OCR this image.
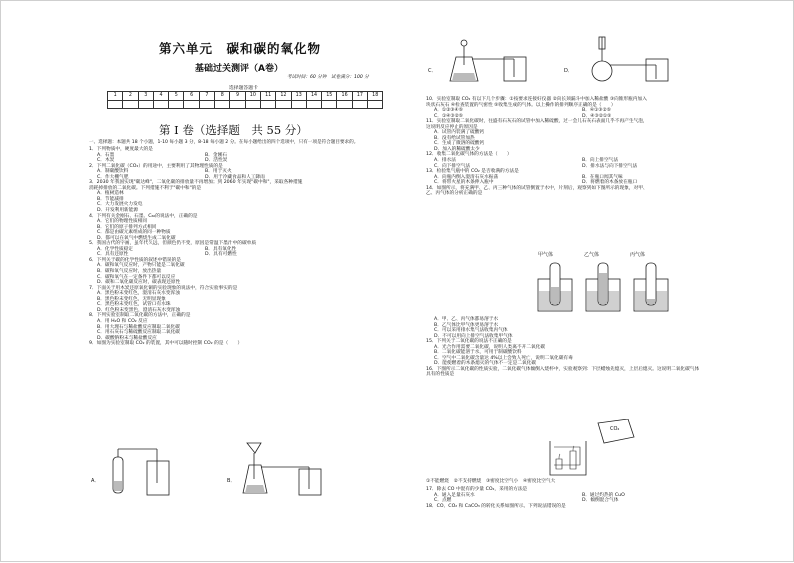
第六单元　碳和碳的氧化物
基础过关测评（A卷）
考试时间：60 分钟　试卷满分：100 分
选择题答题卡
1	2	3	4	5	6	7	8	9	10	11	12	13	14	15	16	17	18

第 I 卷（选择题　共 55 分）
一、选择题：本题共 18 个小题，1-10 每小题 3 分，8-18 每小题 2 分。在每小题给出的四个选项中，只有一项是符合题目要求的。

1．下列物质中，硬度最大的是

A．石墨	B．金刚石
C．木炭	D．活性炭

2．下列二氧化碳（CO₂）的用途中，主要利用了其物理性质的是

A．制碳酸饮料	B．用于灭火
C．作大棚气肥	D．用于冷藏食品和人工降雨

3．2030 年我国实现"碳达峰"，二氧化碳的排放量不再增加；到 2060 年实现"碳中和"，采取各种措施

消耗掉排放的二氧化碳。下列措施不利于"碳中和"的是

A．植树造林

B．节能减排

C．大力发展火力发电

D．开发利用新能源

4．下列有关金刚石、石墨、C₆₀的说法中，正确的是

A．它们的物理性质相同

B．它们的原子排列方式相同

C．都是由碳元素组成的同一种物质

D．都可以在氧气中燃烧生成二氧化碳

5．我国古代的字画，虽年代久远，但颜色仍不变，原因是常温下墨汁中的碳单质

A．化学性质稳定	B．具有氧化性
C．具有还原性	D．具有可燃性

6．下列关于碳的化学性质的叙述中错误的是

A．碳和氧气反应时，产物只能是二氧化碳

B．碳和氧气反应时，放出热量

C．碳和氧气在一定条件下都可以反应

D．碳和二氧化碳反应时，碳表现还原性

7．下面关于用木炭还原氧化铜的实验现象的说法中，符合实验事实的是

A．黑色粉末变红色，澄清石灰水变浑浊

B．黑色粉末变红色，无明显现象

C．黑色粉末变红色，试管口有水珠

D．红色粉末变黑色，澄清石灰水变浑浊

8．下列实验室制取二氧化碳的方法中，正确的是

A．用 H₂O 和 CO₂ 反应

B．用大理石与稀盐酸反应制取二氧化碳

C．用石灰石与稀硫酸反应制取二氧化碳

D．碳酸钠粉末与稀盐酸反应

9．如图为实验室制取 CO₂ 的装置，其中可以随时控制 CO₂ 的是（　　）

A．	B．
C．	D．

10．实验室制取 CO₂ 有以下几个步骤：①按要求连接好仪器 ②向长颈漏斗中加入稀盐酸 ③向锥形瓶内加入

块状石灰石 ④检查装置的气密性 ⑤收集生成的气体。以上操作的排列顺序正确的是（　　）

A．①②③④⑤	B．④①③②⑤
C．①④③②⑤	D．④③②①⑤

11．实验室制取二氧化碳时，往盛有石灰石的试管中加入稀硫酸，过一会儿石灰石表面几乎不再产生气泡，

这说明反应停止的原因是

A．试管内装满了硫酸钙

B．没有给试管加热

C．生成了微溶的硫酸钙

D．加入的稀硫酸太少

12．收集二氧化碳气体的方法是（　　）

A．排水法	B．向上排空气法
C．向下排空气法	D．排水法与向下排空气法

13．检验集气瓶中的 CO₂ 是否收满的方法是

A．向瓶内倒入澄清石灰水振荡	B．在瓶口闻其气味
C．将带火星的木条伸入瓶中	D．将燃着的木条放在瓶口

14．如图所示，将充满甲、乙、丙三种气体的试管倒置于水中，片刻后，观察到如下图所示的现象，对甲、

乙、丙气体的分析正确的是

甲气体	乙气体	丙气体

A．甲、乙、丙气体都易溶于水

B．乙气体比甲气体更易溶于水

C．可以采用排水集气法收集丙气体

D．不可以用向上排空气法收集甲气体

15．下列关于二氧化碳的说法不正确的是

A．光合作用需要二氧化碳，说明人类离不开二氧化碳

B．二氧化碳能溶于水，可用于制碳酸饮料

C．空气中二氧化碳含量达 4%以上会致人死亡，说明二氧化碳有毒

D．能使燃着的木条熄灭的气体不一定是二氧化碳

16．下图所示二氧化碳的性质实验，二氧化碳气体倾倒入烧杯中，实验观察到：下层蜡烛先熄灭，上层后熄灭。这说明二氧化碳气体

具有的性质是

CO₂

①不能燃烧　②不支持燃烧　③密度比空气小　④密度比空气大

17．除去 CO 中混有的少量 CO₂，采用的方法是

A．通入足量石灰水	B．通过灼热的 CuO
C．点燃	D．倾倒混合气体

18．CO、CO₂ 和 CaCO₃ 的转化关系如图所示。下列说法错误的是
